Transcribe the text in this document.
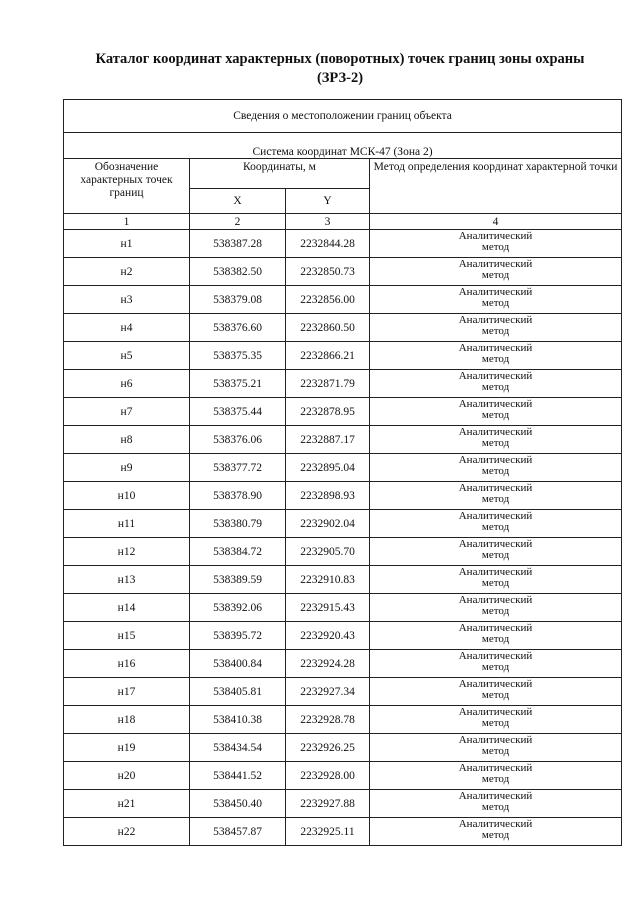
Каталог координат характерных (поворотных) точек границ зоны охраны
(ЗРЗ-2)
Сведения о местоположении границ объекта			
Система координат МСК-47 (Зона 2)			
Обозначение характерных точек границ	Координаты, м		Метод определения координат характерной точки
	X	Y	
1	2	3	4
н1	538387.28	2232844.28	Аналитический
метод

н2	538382.50	2232850.73	Аналитический
метод

н3	538379.08	2232856.00	Аналитический
метод

н4	538376.60	2232860.50	Аналитический
метод

н5	538375.35	2232866.21	Аналитический
метод

н6	538375.21	2232871.79	Аналитический
метод

н7	538375.44	2232878.95	Аналитический
метод

н8	538376.06	2232887.17	Аналитический
метод

н9	538377.72	2232895.04	Аналитический
метод

н10	538378.90	2232898.93	Аналитический
метод

н11	538380.79	2232902.04	Аналитический
метод

н12	538384.72	2232905.70	Аналитический
метод

н13	538389.59	2232910.83	Аналитический
метод

н14	538392.06	2232915.43	Аналитический
метод

н15	538395.72	2232920.43	Аналитический
метод

н16	538400.84	2232924.28	Аналитический
метод

н17	538405.81	2232927.34	Аналитический
метод

н18	538410.38	2232928.78	Аналитический
метод

н19	538434.54	2232926.25	Аналитический
метод

н20	538441.52	2232928.00	Аналитический
метод

н21	538450.40	2232927.88	Аналитический
метод

н22	538457.87	2232925.11	Аналитический
метод
